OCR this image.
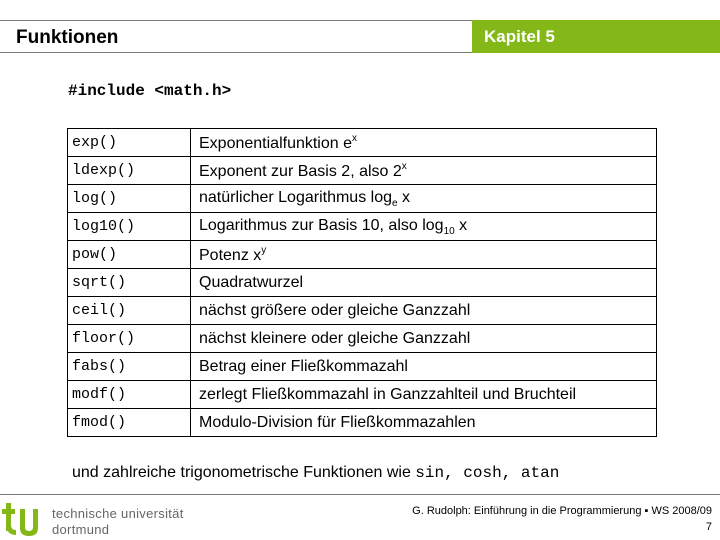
Funktionen	Kapitel 5
#include <math.h>
exp()	Exponentialfunktion $e^x$
ldexp()	Exponent zur Basis 2, also 2$^x$
log()	natürlicher Logarithmus $\log_e x$
log10()	Logarithmus zur Basis 10, also $\log_{10} x$
pow()	Potenz $x^y$
sqrt()	Quadratwurzel
ceil()	nächst größere oder gleiche Ganzzahl
floor()	nächst kleinere oder gleiche Ganzzahl
fabs()	Betrag einer Fließkommazahl
modf()	zerlegt Fließkommazahl in Ganzzahlteil und Bruchteil
fmod()	Modulo-Division für Fließkommazahlen
und zahlreiche trigonometrische Funktionen wie sin, cosh, atan
technische universität
dortmund
G. Rudolph: Einführung in die Programmierung ▪ WS 2008/09
7
